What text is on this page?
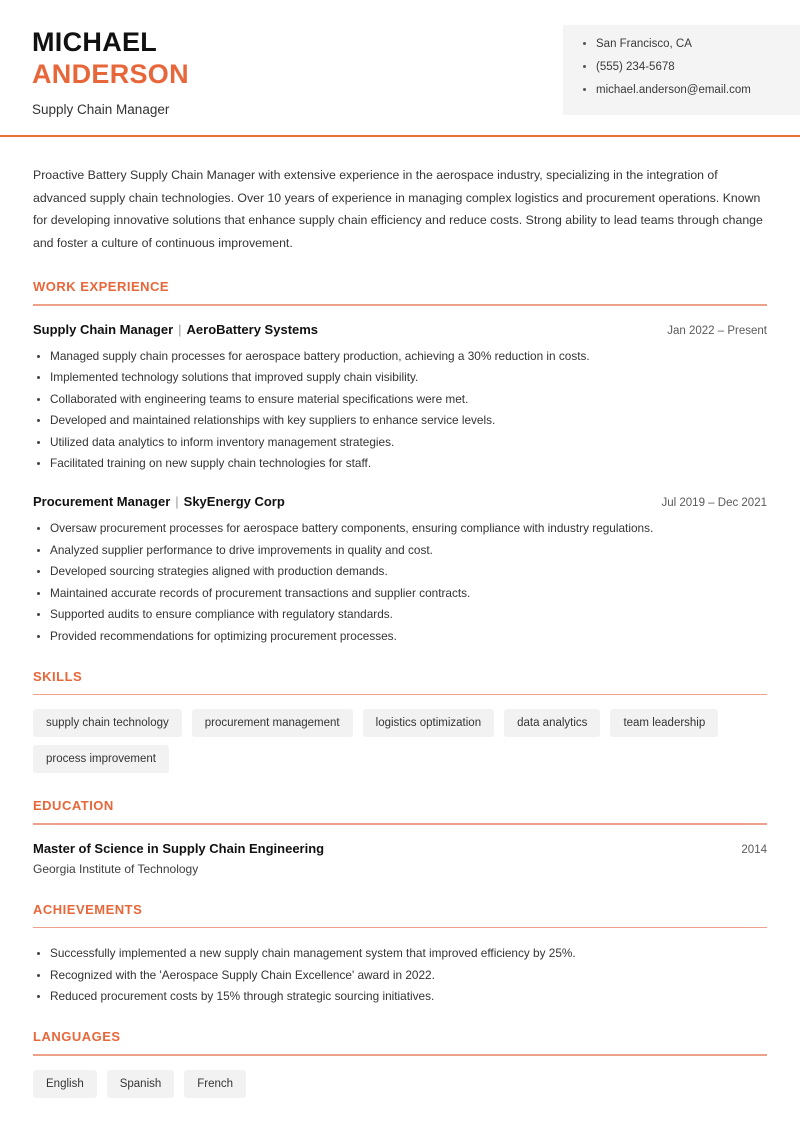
MICHAEL
ANDERSON
Supply Chain Manager
San Francisco, CA
(555) 234-5678
michael.anderson@email.com
Proactive Battery Supply Chain Manager with extensive experience in the aerospace industry, specializing in the integration of advanced supply chain technologies. Over 10 years of experience in managing complex logistics and procurement operations. Known for developing innovative solutions that enhance supply chain efficiency and reduce costs. Strong ability to lead teams through change and foster a culture of continuous improvement.
WORK EXPERIENCE
Supply Chain Manager | AeroBattery Systems	Jan 2022 – Present
Managed supply chain processes for aerospace battery production, achieving a 30% reduction in costs.
Implemented technology solutions that improved supply chain visibility.
Collaborated with engineering teams to ensure material specifications were met.
Developed and maintained relationships with key suppliers to enhance service levels.
Utilized data analytics to inform inventory management strategies.
Facilitated training on new supply chain technologies for staff.
Procurement Manager | SkyEnergy Corp	Jul 2019 – Dec 2021
Oversaw procurement processes for aerospace battery components, ensuring compliance with industry regulations.
Analyzed supplier performance to drive improvements in quality and cost.
Developed sourcing strategies aligned with production demands.
Maintained accurate records of procurement transactions and supplier contracts.
Supported audits to ensure compliance with regulatory standards.
Provided recommendations for optimizing procurement processes.
SKILLS
supply chain technology	procurement management	logistics optimization	data analytics	team leadership
process improvement
EDUCATION
Master of Science in Supply Chain Engineering	2014
Georgia Institute of Technology
ACHIEVEMENTS
Successfully implemented a new supply chain management system that improved efficiency by 25%.
Recognized with the 'Aerospace Supply Chain Excellence' award in 2022.
Reduced procurement costs by 15% through strategic sourcing initiatives.
LANGUAGES
English	Spanish	French
